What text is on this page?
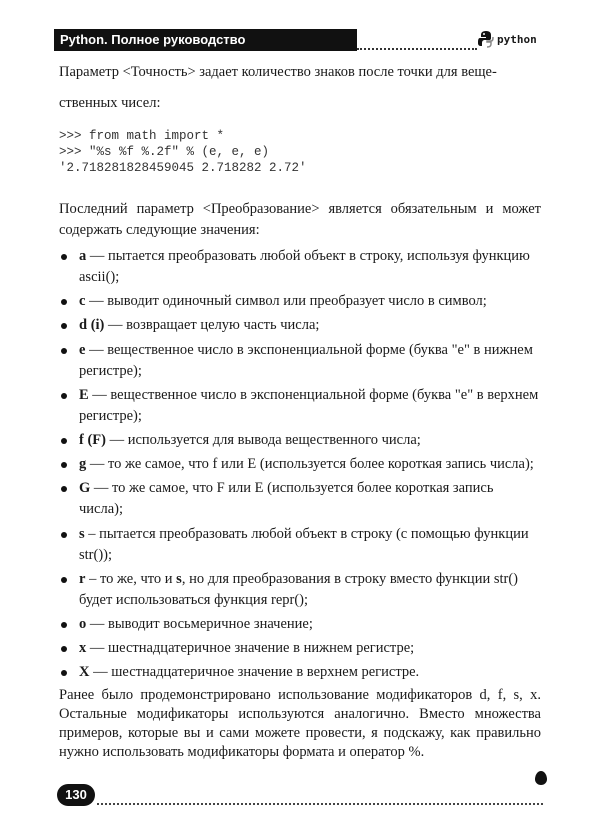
Python. Полное руководство	python
Параметр <Точность> задает количество знаков после точки для веще-
ственных чисел:
>>> from math import *
>>> "%s %f %.2f" % (e, e, e)
'2.718281828459045 2.718282 2.72'
Последний параметр <Преобразование> является обязательным и может содержать следующие значения:
a — пытается преобразовать любой объект в строку, используя функцию ascii();
c — выводит одиночный символ или преобразует число в символ;
d (i) — возвращает целую часть числа;
e — вещественное число в экспоненциальной форме (буква "e" в нижнем регистре);
E — вещественное число в экспоненциальной форме (буква "e" в верхнем регистре);
f (F) — используется для вывода вещественного числа;
g — то же самое, что f или E (используется более короткая запись числа);
G — то же самое, что F или E (используется более короткая запись числа);
s – пытается преобразовать любой объект в строку (с помощью функции str());
r – то же, что и s, но для преобразования в строку вместо функции str() будет использоваться функция repr();
o — выводит восьмеричное значение;
x — шестнадцатеричное значение в нижнем регистре;
X — шестнадцатеричное значение в верхнем регистре.
Ранее было продемонстрировано использование модификаторов d, f, s, x. Остальные модификаторы используются аналогично. Вместо множества примеров, которые вы и сами можете провести, я подскажу, как правильно нужно использовать модификаторы формата и оператор %.
130
